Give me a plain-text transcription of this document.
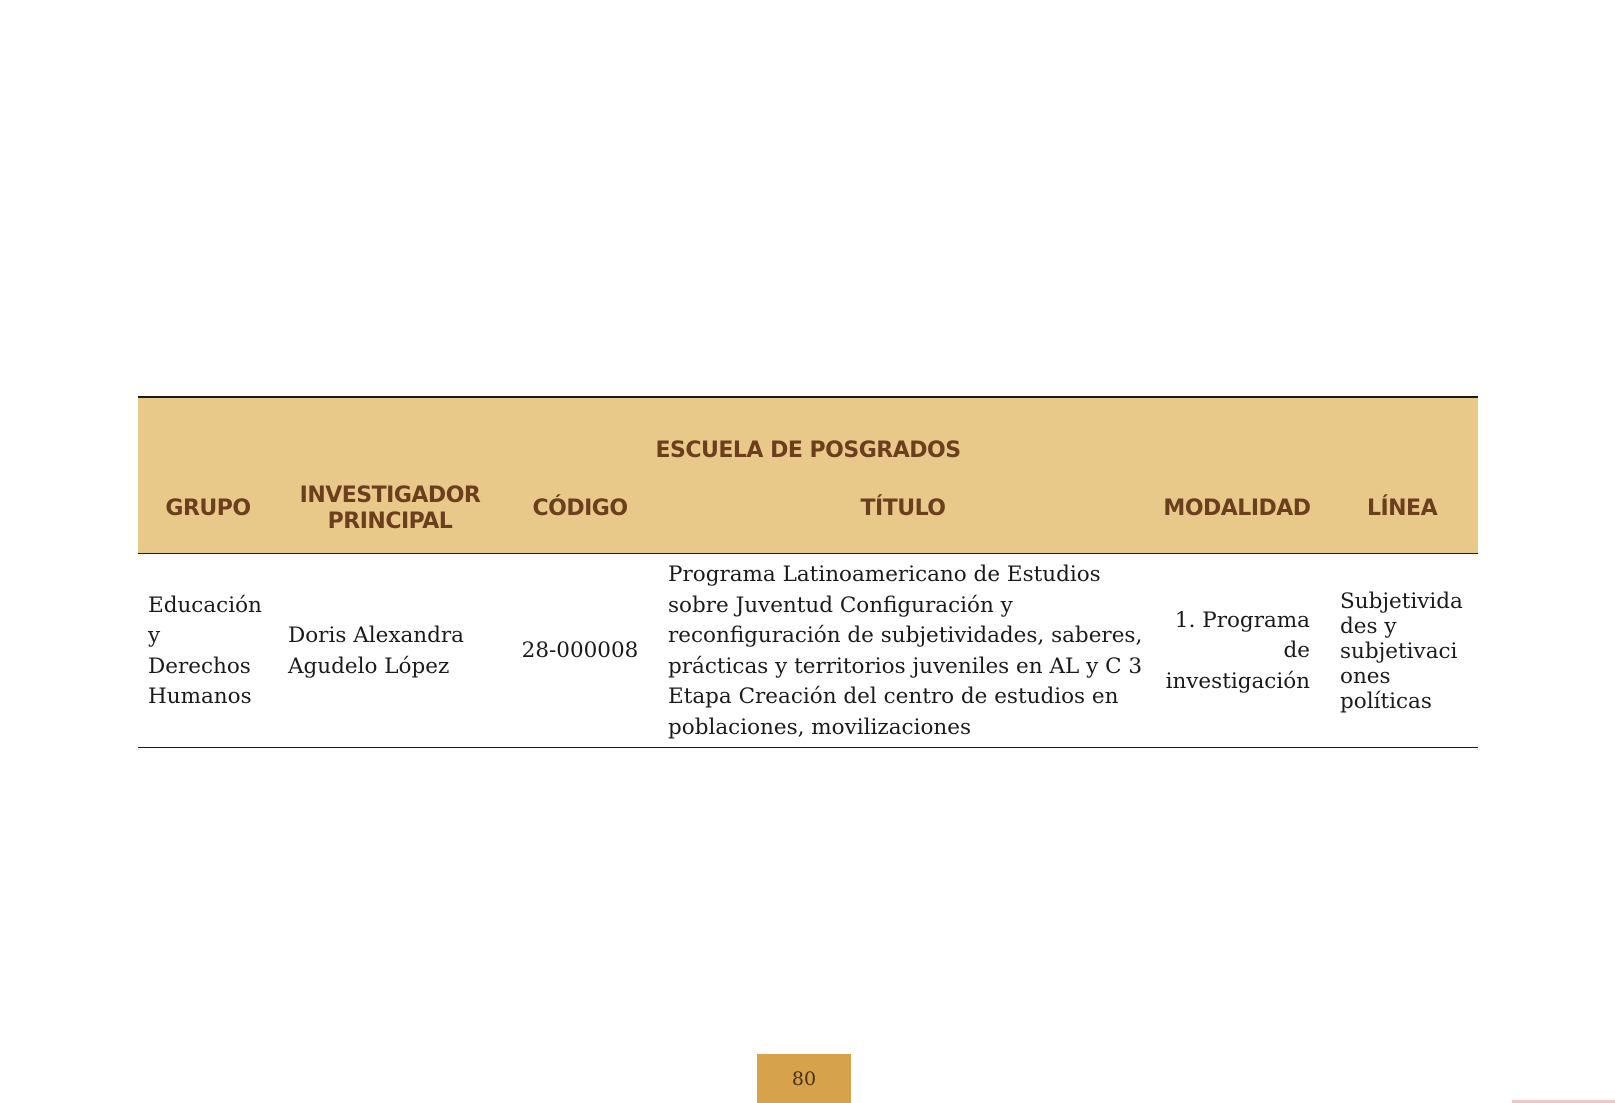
ESCUELA DE POSGRADOS					
GRUPO	INVESTIGADOR PRINCIPAL	CÓDIGO	TÍTULO	MODALIDAD	LÍNEA
Educación y Derechos Humanos	Doris Alexandra Agudelo López	28-000008	Programa Latinoamericano de Estudios sobre Juventud Configuración y reconfiguración de subjetividades, saberes, prácticas y territorios juveniles en AL y C 3 Etapa Creación del centro de estudios en poblaciones, movilizaciones	1. Programa de investigación	Subjetividades y subjetivaciones políticas
80
